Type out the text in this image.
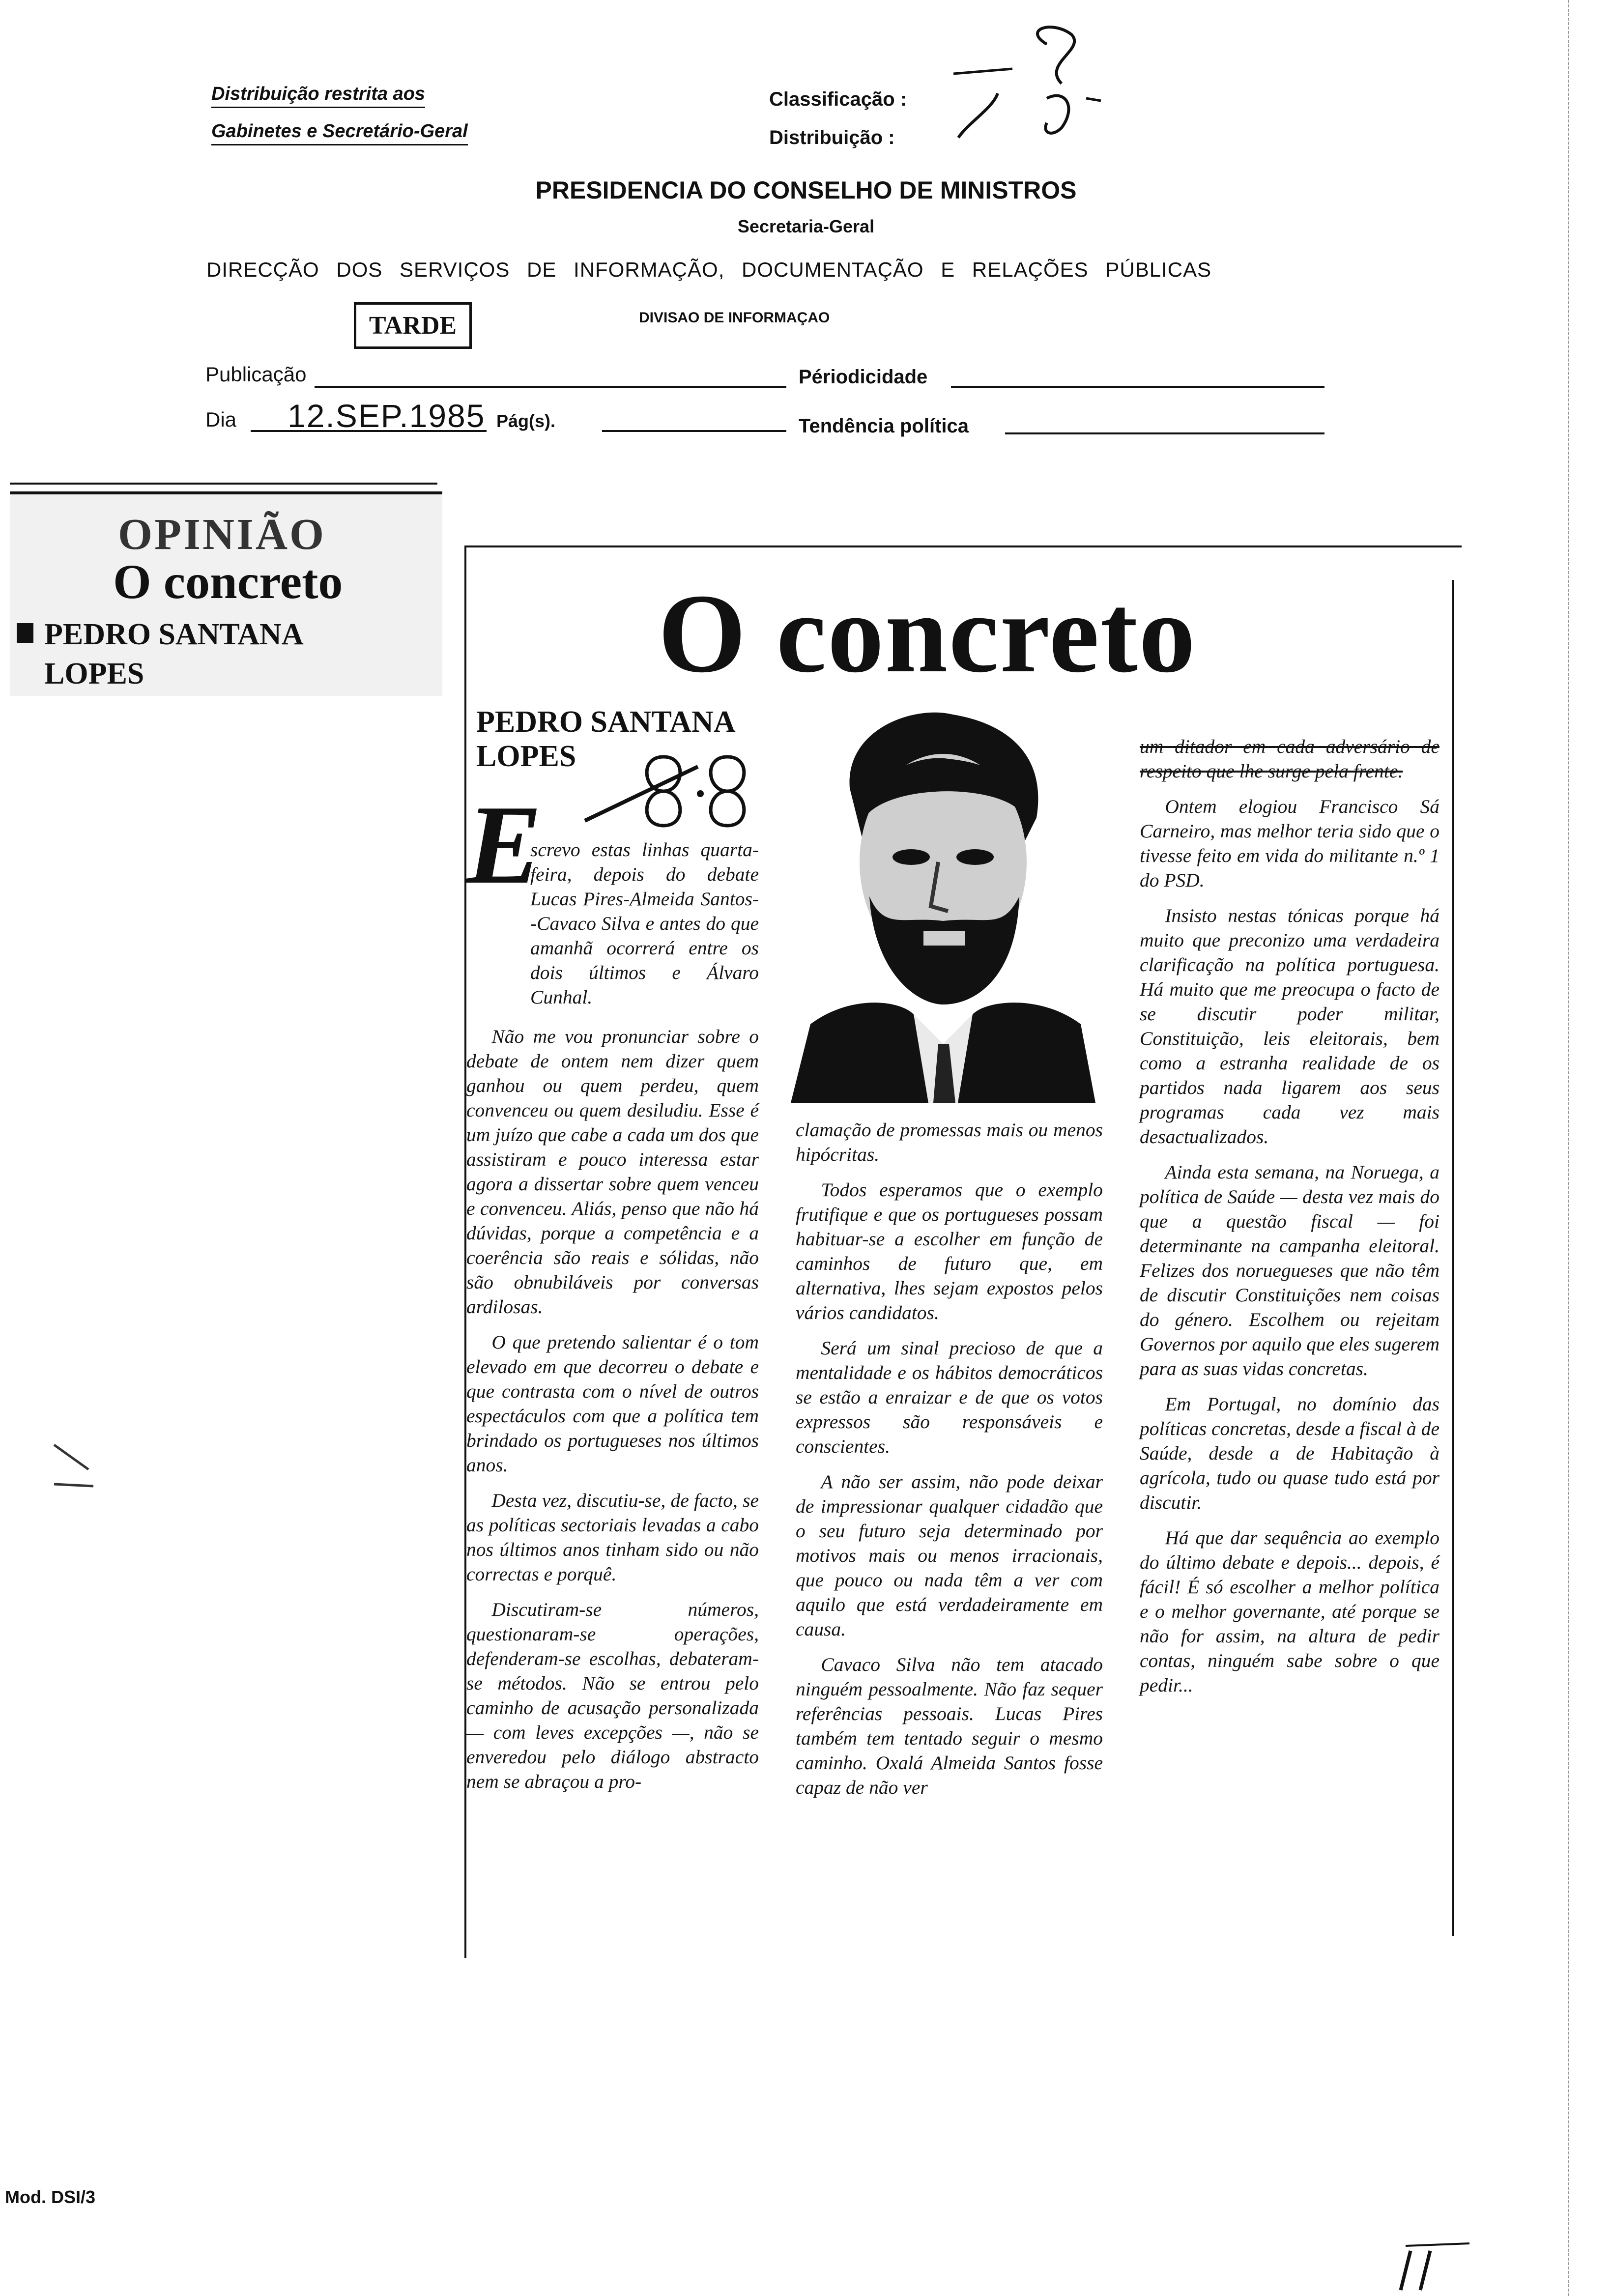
Distribuição restrita aos
Gabinetes e Secretário-Geral
Classificação :
Distribuição :
PRESIDENCIA DO CONSELHO DE MINISTROS
Secretaria-Geral
DIRECÇÃO DOS SERVIÇOS DE INFORMAÇÃO, DOCUMENTAÇÃO E RELAÇÕES PÚBLICAS
TARDE	DIVISAO DE INFORMAÇAO
Publicação	Périodicidade
Dia 12.SEP.1985 Pág(s).	Tendência política
OPINIÃO
O concreto
PEDRO SANTANA
LOPES	O concreto
PEDRO SANTANA
LOPES
E

screvo estas linhas quarta-feira, depois do debate Lucas Pires-Almeida Santos--Cavaco Silva e antes do que amanhã ocorrerá entre os dois últimos e Álvaro Cunhal.

Não me vou pronunciar sobre o debate de ontem nem dizer quem ganhou ou quem perdeu, quem convenceu ou quem desiludiu. Esse é um juízo que cabe a cada um dos que assistiram e pouco interessa estar agora a dissertar sobre quem venceu e convenceu. Aliás, penso que não há dúvidas, porque a competência e a coerência são reais e sólidas, não são obnubiláveis por conversas ardilosas.

O que pretendo salientar é o tom elevado em que decorreu o debate e que contrasta com o nível de outros espectáculos com que a política tem brindado os portugueses nos últimos anos.

Desta vez, discutiu-se, de facto, se as políticas sectoriais levadas a cabo nos últimos anos tinham sido ou não correctas e porquê.

Discutiram-se números, questionaram-se operações, defenderam-se escolhas, debateram-se métodos. Não se entrou pelo caminho de acusação personalizada — com leves excepções —, não se enveredou pelo diálogo abstracto nem se abraçou a pro-

clamação de promessas mais ou menos hipócritas.

Todos esperamos que o exemplo frutifique e que os portugueses possam habituar-se a escolher em função de caminhos de futuro que, em alternativa, lhes sejam expostos pelos vários candidatos.

Será um sinal precioso de que a mentalidade e os hábitos democráticos se estão a enraizar e de que os votos expressos são responsáveis e conscientes.

A não ser assim, não pode deixar de impressionar qualquer cidadão que o seu futuro seja determinado por motivos mais ou menos irracionais, que pouco ou nada têm a ver com aquilo que está verdadeiramente em causa.

Cavaco Silva não tem atacado ninguém pessoalmente. Não faz sequer referências pessoais. Lucas Pires também tem tentado seguir o mesmo caminho. Oxalá Almeida Santos fosse capaz de não ver

um ditador em cada adversário de respeito que lhe surge pela frente.

Ontem elogiou Francisco Sá Carneiro, mas melhor teria sido que o tivesse feito em vida do militante n.º 1 do PSD.

Insisto nestas tónicas porque há muito que preconizo uma verdadeira clarificação na política portuguesa. Há muito que me preocupa o facto de se discutir poder militar, Constituição, leis eleitorais, bem como a estranha realidade de os partidos nada ligarem aos seus programas cada vez mais desactualizados.

Ainda esta semana, na Noruega, a política de Saúde — desta vez mais do que a questão fiscal — foi determinante na campanha eleitoral. Felizes dos noruegueses que não têm de discutir Constituições nem coisas do género. Escolhem ou rejeitam Governos por aquilo que eles sugerem para as suas vidas concretas.

Em Portugal, no domínio das políticas concretas, desde a fiscal à de Saúde, desde a de Habitação à agrícola, tudo ou quase tudo está por discutir.

Há que dar sequência ao exemplo do último debate e depois... depois, é fácil! É só escolher a melhor política e o melhor governante, até porque se não for assim, na altura de pedir contas, ninguém sabe sobre o que pedir...

Mod. DSI/3
